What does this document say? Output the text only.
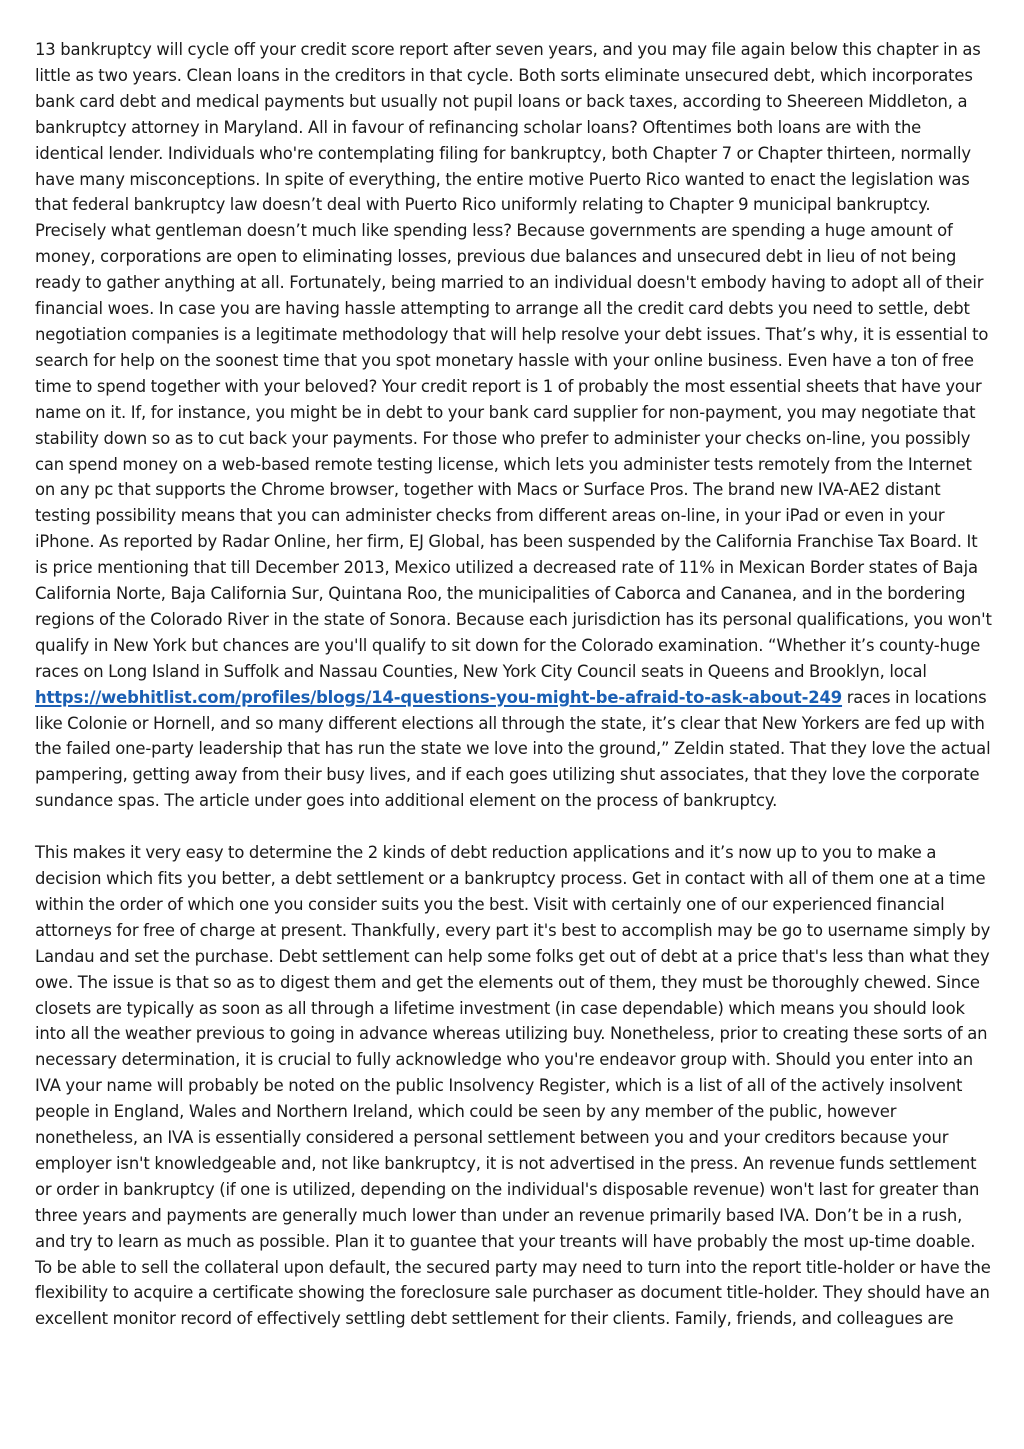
13 bankruptcy will cycle off your credit score report after seven years, and you may file again below this chapter in as little as two years. Clean loans in the creditors in that cycle. Both sorts eliminate unsecured debt, which incorporates bank card debt and medical payments but usually not pupil loans or back taxes, according to Sheereen Middleton, a bankruptcy attorney in Maryland. All in favour of refinancing scholar loans? Oftentimes both loans are with the identical lender. Individuals who're contemplating filing for bankruptcy, both Chapter 7 or Chapter thirteen, normally have many misconceptions. In spite of everything, the entire motive Puerto Rico wanted to enact the legislation was that federal bankruptcy law doesn’t deal with Puerto Rico uniformly relating to Chapter 9 municipal bankruptcy. Precisely what gentleman doesn’t much like spending less? Because governments are spending a huge amount of money, corporations are open to eliminating losses, previous due balances and unsecured debt in lieu of not being ready to gather anything at all. Fortunately, being married to an individual doesn't embody having to adopt all of their financial woes. In case you are having hassle attempting to arrange all the credit card debts you need to settle, debt negotiation companies is a legitimate methodology that will help resolve your debt issues. That’s why, it is essential to search for help on the soonest time that you spot monetary hassle with your online business. Even have a ton of free time to spend together with your beloved? Your credit report is 1 of probably the most essential sheets that have your name on it. If, for instance, you might be in debt to your bank card supplier for non-payment, you may negotiate that stability down so as to cut back your payments. For those who prefer to administer your checks on-line, you possibly can spend money on a web-based remote testing license, which lets you administer tests remotely from the Internet on any pc that supports the Chrome browser, together with Macs or Surface Pros. The brand new IVA-AE2 distant testing possibility means that you can administer checks from different areas on-line, in your iPad or even in your iPhone. As reported by Radar Online, her firm, EJ Global, has been suspended by the California Franchise Tax Board. It is price mentioning that till December 2013, Mexico utilized a decreased rate of 11% in Mexican Border states of Baja California Norte, Baja California Sur, Quintana Roo, the municipalities of Caborca and Cananea, and in the bordering regions of the Colorado River in the state of Sonora. Because each jurisdiction has its personal qualifications, you won't qualify in New York but chances are you'll qualify to sit down for the Colorado examination. “Whether it’s county-huge races on Long Island in Suffolk and Nassau Counties, New York City Council seats in Queens and Brooklyn, local https://webhitlist.com/profiles/blogs/14-questions-you-might-be-afraid-to-ask-about-249 races in locations like Colonie or Hornell, and so many different elections all through the state, it’s clear that New Yorkers are fed up with the failed one-party leadership that has run the state we love into the ground,” Zeldin stated. That they love the actual pampering, getting away from their busy lives, and if each goes utilizing shut associates, that they love the corporate sundance spas. The article under goes into additional element on the process of bankruptcy.

This makes it very easy to determine the 2 kinds of debt reduction applications and it’s now up to you to make a decision which fits you better, a debt settlement or a bankruptcy process. Get in contact with all of them one at a time within the order of which one you consider suits you the best. Visit with certainly one of our experienced financial attorneys for free of charge at present. Thankfully, every part it's best to accomplish may be go to username simply by Landau and set the purchase. Debt settlement can help some folks get out of debt at a price that's less than what they owe. The issue is that so as to digest them and get the elements out of them, they must be thoroughly chewed. Since closets are typically as soon as all through a lifetime investment (in case dependable) which means you should look into all the weather previous to going in advance whereas utilizing buy. Nonetheless, prior to creating these sorts of an necessary determination, it is crucial to fully acknowledge who you're endeavor group with. Should you enter into an IVA your name will probably be noted on the public Insolvency Register, which is a list of all of the actively insolvent people in England, Wales and Northern Ireland, which could be seen by any member of the public, however nonetheless, an IVA is essentially considered a personal settlement between you and your creditors because your employer isn't knowledgeable and, not like bankruptcy, it is not advertised in the press. An revenue funds settlement or order in bankruptcy (if one is utilized, depending on the individual's disposable revenue) won't last for greater than three years and payments are generally much lower than under an revenue primarily based IVA. Don’t be in a rush, and try to learn as much as possible. Plan it to guantee that your treants will have probably the most up-time doable. To be able to sell the collateral upon default, the secured party may need to turn into the report title-holder or have the flexibility to acquire a certificate showing the foreclosure sale purchaser as document title-holder. They should have an excellent monitor record of effectively settling debt settlement for their clients. Family, friends, and colleagues are
